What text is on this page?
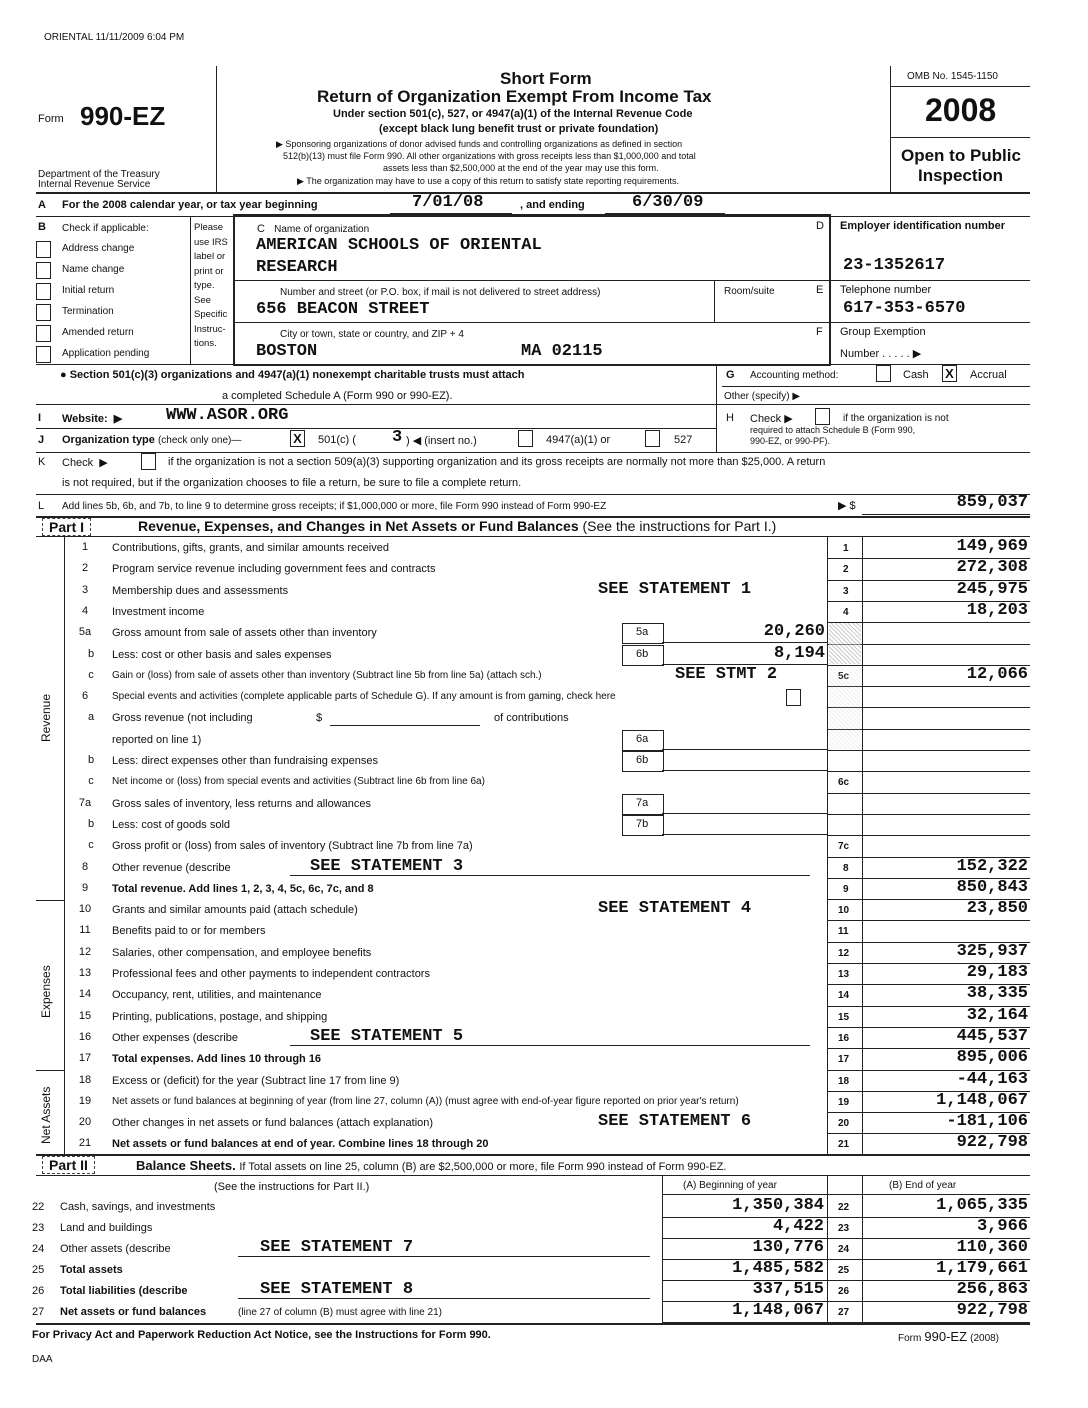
ORIENTAL 11/11/2009 6:04 PM
Form 990-EZ
Department of the Treasury
Internal Revenue Service
Short Form
Return of Organization Exempt From Income Tax
Under section 501(c), 527, or 4947(a)(1) of the Internal Revenue Code
(except black lung benefit trust or private foundation)
▶ Sponsoring organizations of donor advised funds and controlling organizations as defined in section
512(b)(13) must file Form 990. All other organizations with gross receipts less than $1,000,000 and total
assets less than $2,500,000 at the end of the year may use this form.
▶ The organization may have to use a copy of this return to satisfy state reporting requirements.
OMB No. 1545-1150
2008
Open to Public
Inspection
A For the 2008 calendar year, or tax year beginning	7/01/08	, and ending	6/30/09
B Check if applicable:
Address change
Name change
Initial return
Termination
Amended return
Application pending
Please
use IRS
label or
print or
type.
See
Specific
Instruc-
tions.
C Name of organization
AMERICAN SCHOOLS OF ORIENTAL
RESEARCH
Number and street (or P.O. box, if mail is not delivered to street address)	Room/suite
656 BEACON STREET
City or town, state or country, and ZIP + 4
BOSTON	MA 02115
D Employer identification number
23-1352617
E Telephone number
617-353-6570
F Group Exemption
Number . . . . . ▶
● Section 501(c)(3) organizations and 4947(a)(1) nonexempt charitable trusts must attach
a completed Schedule A (Form 990 or 990-EZ).
G Accounting method:	Cash X Accrual
Other (specify) ▶
I Website:  ▶	WWW.ASOR.ORG
J Organization type (check only one)—	X 501(c) ( 3 ) ◀ (insert no.)	4947(a)(1) or	527
H Check ▶	if the organization is not
required to attach Schedule B (Form 990,
990-EZ, or 990-PF).
K Check  ▶	if the organization is not a section 509(a)(3) supporting organization and its gross receipts are normally not more than $25,000. A return
is not required, but if the organization chooses to file a return, be sure to file a complete return.
L Add lines 5b, 6b, and 7b, to line 9 to determine gross receipts; if $1,000,000 or more, file Form 990 instead of Form 990-EZ	▶ $	859,037
Part I	Revenue, Expenses, and Changes in Net Assets or Fund Balances (See the instructions for Part I.)
Revenue
Expenses
Net Assets
1	Contributions, gifts, grants, and similar amounts received	1	149,969
2	Program service revenue including government fees and contracts	2	272,308
3	Membership dues and assessments	SEE STATEMENT 1	3	245,975
4	Investment income	4	18,203
5a	Gross amount from sale of assets other than inventory	5a	20,260
b	Less: cost or other basis and sales expenses	6b	8,194
c	Gain or (loss) from sale of assets other than inventory (Subtract line 5b from line 5a) (attach sch.)	SEE STMT 2	5c	12,066
6	Special events and activities (complete applicable parts of Schedule G). If any amount is from gaming, check here
a	Gross revenue (not including	$	of contributions
reported on line 1)	6a
b	Less: direct expenses other than fundraising expenses	6b
c	Net income or (loss) from special events and activities (Subtract line 6b from line 6a)	6c
7a	Gross sales of inventory, less returns and allowances	7a
b	Less: cost of goods sold	7b
c	Gross profit or (loss) from sales of inventory (Subtract line 7b from line 7a)	7c
8	Other revenue (describe	SEE STATEMENT 3	8	152,322
9	Total revenue. Add lines 1, 2, 3, 4, 5c, 6c, 7c, and 8	9	850,843
10	Grants and similar amounts paid (attach schedule)	SEE STATEMENT 4	10	23,850
11	Benefits paid to or for members	11
12	Salaries, other compensation, and employee benefits	12	325,937
13	Professional fees and other payments to independent contractors	13	29,183
14	Occupancy, rent, utilities, and maintenance	14	38,335
15	Printing, publications, postage, and shipping	15	32,164
16	Other expenses (describe	SEE STATEMENT 5	16	445,537
17	Total expenses. Add lines 10 through 16	17	895,006
18	Excess or (deficit) for the year (Subtract line 17 from line 9)	18	-44,163
19	Net assets or fund balances at beginning of year (from line 27, column (A)) (must agree with end-of-year figure reported on prior year's return)	19	1,148,067
20	Other changes in net assets or fund balances (attach explanation)	SEE STATEMENT 6	20	-181,106
21	Net assets or fund balances at end of year. Combine lines 18 through 20	21	922,798
Part II	Balance Sheets. If Total assets on line 25, column (B) are $2,500,000 or more, file Form 990 instead of Form 990-EZ.
(See the instructions for Part II.)	(A) Beginning of year	(B) End of year
22 Cash, savings, and investments	1,350,384 22	1,065,335
23 Land and buildings	4,422 23	3,966
24 Other assets (describe	SEE STATEMENT 7	130,776 24	110,360
25 Total assets	1,485,582 25	1,179,661
26 Total liabilities (describe	SEE STATEMENT 8	337,515 26	256,863
27 Net assets or fund balances	(line 27 of column (B) must agree with line 21)	1,148,067 27	922,798
For Privacy Act and Paperwork Reduction Act Notice, see the Instructions for Form 990.	Form 990-EZ (2008)
DAA
